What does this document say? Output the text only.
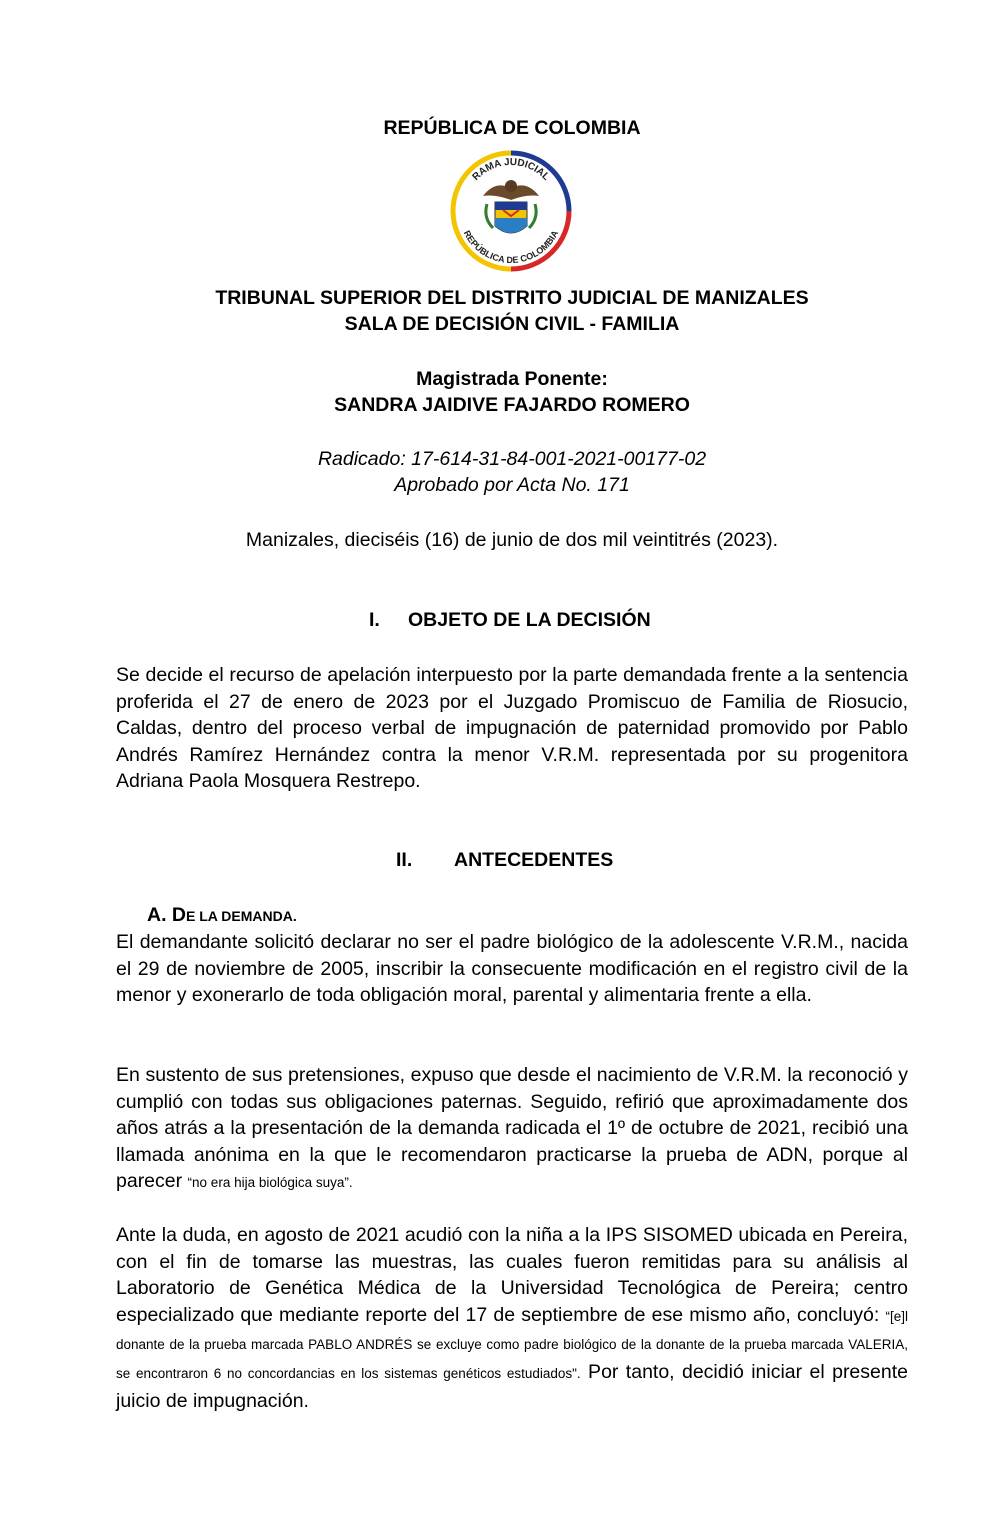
REPÚBLICA DE COLOMBIA
RAMA JUDICIAL
REPÚBLICA DE COLOMBIA
TRIBUNAL SUPERIOR DEL DISTRITO JUDICIAL DE MANIZALES
SALA DE DECISIÓN CIVIL - FAMILIA
Magistrada Ponente:
SANDRA JAIDIVE FAJARDO ROMERO
Radicado: 17-614-31-84-001-2021-00177-02
Aprobado por Acta No. 171
Manizales, dieciséis (16) de junio de dos mil veintitrés (2023).
I. OBJETO DE LA DECISIÓN
Se decide el recurso de apelación interpuesto por la parte demandada frente a la sentencia proferida el 27 de enero de 2023 por el Juzgado Promiscuo de Familia de Riosucio, Caldas, dentro del proceso verbal de impugnación de paternidad promovido por Pablo Andrés Ramírez Hernández contra la menor V.R.M. representada por su progenitora Adriana Paola Mosquera Restrepo.
II. ANTECEDENTES
A. DE LA DEMANDA.
El demandante solicitó declarar no ser el padre biológico de la adolescente V.R.M., nacida el 29 de noviembre de 2005, inscribir la consecuente modificación en el registro civil de la menor y exonerarlo de toda obligación moral, parental y alimentaria frente a ella.
En sustento de sus pretensiones, expuso que desde el nacimiento de V.R.M. la reconoció y cumplió con todas sus obligaciones paternas. Seguido, refirió que aproximadamente dos años atrás a la presentación de la demanda radicada el 1º de octubre de 2021, recibió una llamada anónima en la que le recomendaron practicarse la prueba de ADN, porque al parecer “no era hija biológica suya”.
Ante la duda, en agosto de 2021 acudió con la niña a la IPS SISOMED ubicada en Pereira, con el fin de tomarse las muestras, las cuales fueron remitidas para su análisis al Laboratorio de Genética Médica de la Universidad Tecnológica de Pereira; centro especializado que mediante reporte del 17 de septiembre de ese mismo año, concluyó: “[e]l donante de la prueba marcada PABLO ANDRÉS se excluye como padre biológico de la donante de la prueba marcada VALERIA, se encontraron 6 no concordancias en los sistemas genéticos estudiados". Por tanto, decidió iniciar el presente juicio de impugnación.
